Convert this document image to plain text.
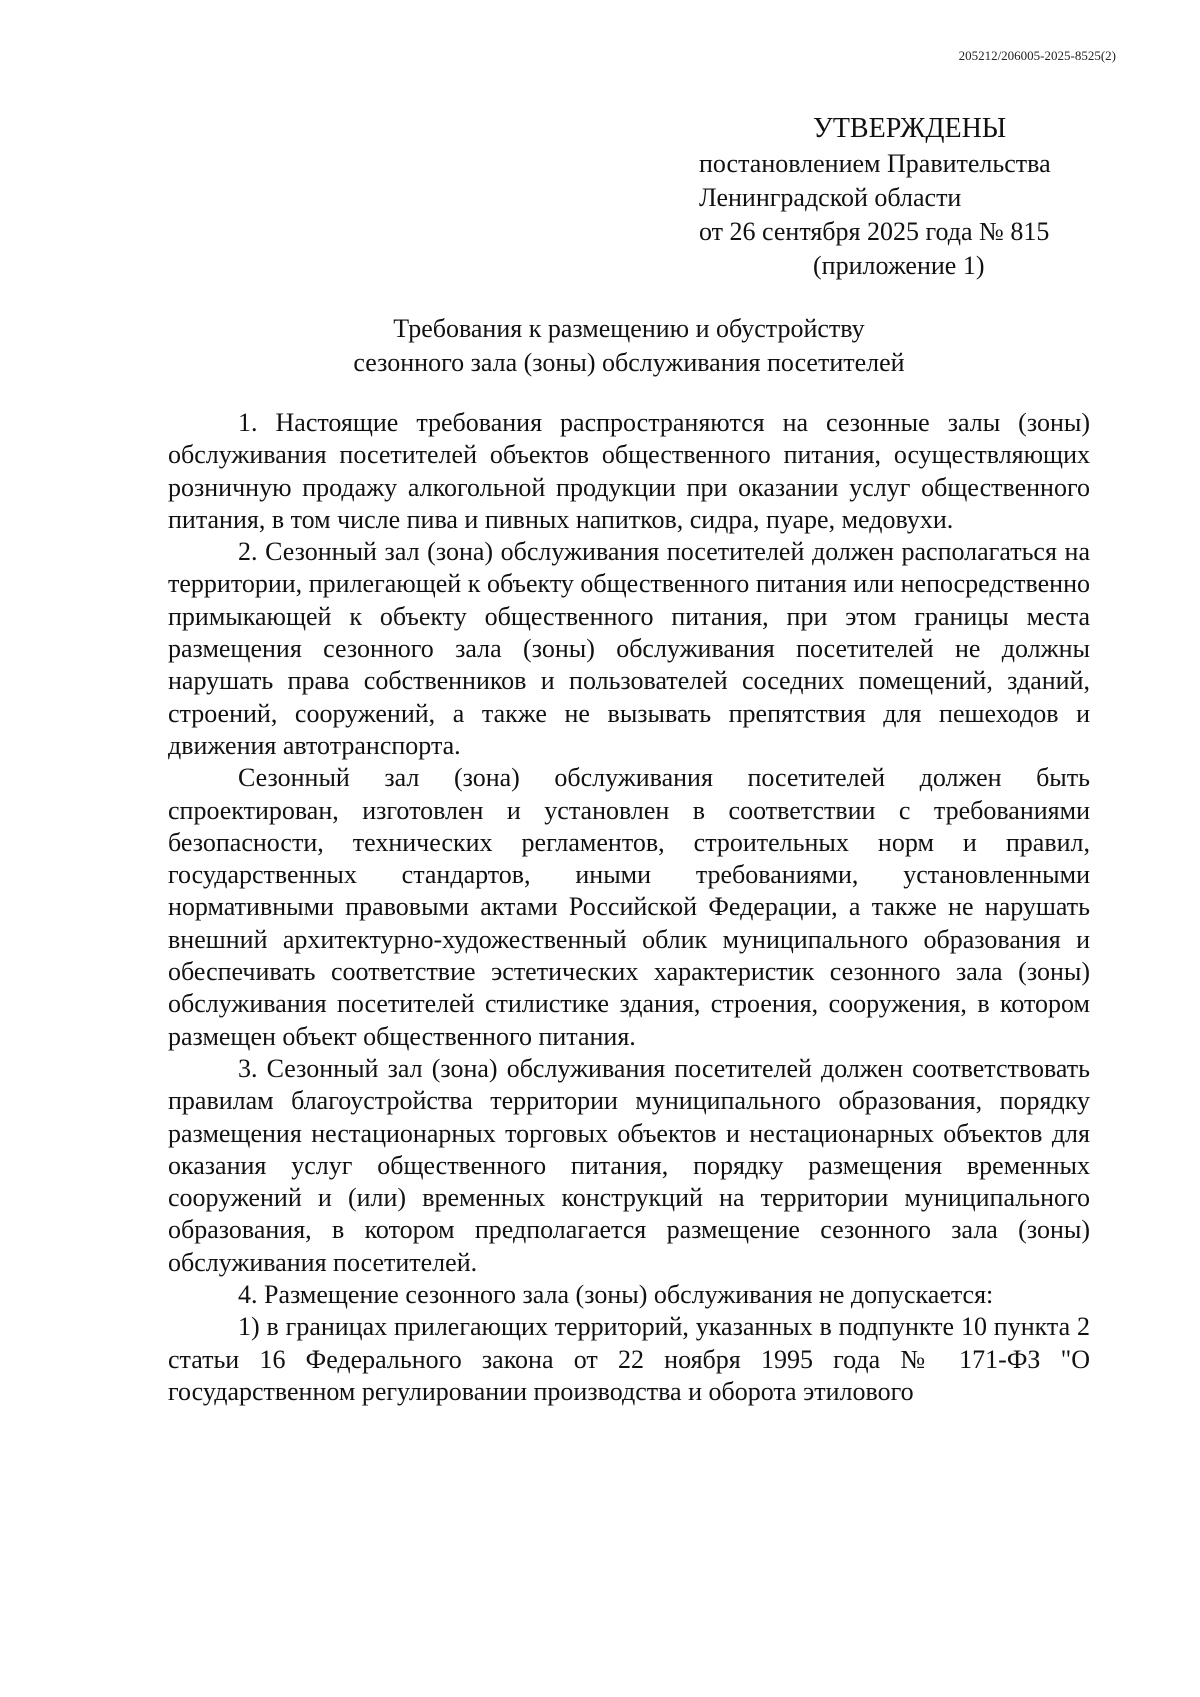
205212/206005-2025-8525(2)
УТВЕРЖДЕНЫ
постановлением Правительства
Ленинградской области
от 26 сентября 2025 года № 815
(приложение 1)
Требования к размещению и обустройству
сезонного зала (зоны) обслуживания посетителей

1. Настоящие требования распространяются на сезонные залы (зоны) обслуживания посетителей объектов общественного питания, осуществляющих розничную продажу алкогольной продукции при оказании услуг общественного питания, в том числе пива и пивных напитков, сидра, пуаре, медовухи.

2. Сезонный зал (зона) обслуживания посетителей должен располагаться на территории, прилегающей к объекту общественного питания или непосредственно примыкающей к объекту общественного питания, при этом границы места размещения сезонного зала (зоны) обслуживания посетителей не должны нарушать права собственников и пользователей соседних помещений, зданий, строений, сооружений, а также не вызывать препятствия для пешеходов и движения автотранспорта.

Сезонный зал (зона) обслуживания посетителей должен быть спроектирован, изготовлен и установлен в соответствии с требованиями безопасности, технических регламентов, строительных норм и правил, государственных стандартов, иными требованиями, установленными нормативными правовыми актами Российской Федерации, а также не нарушать внешний архитектурно-художественный облик муниципального образования и обеспечивать соответствие эстетических характеристик сезонного зала (зоны) обслуживания посетителей стилистике здания, строения, сооружения, в котором размещен объект общественного питания.

3. Сезонный зал (зона) обслуживания посетителей должен соответствовать правилам благоустройства территории муниципального образования, порядку размещения нестационарных торговых объектов и нестационарных объектов для оказания услуг общественного питания, порядку размещения временных сооружений и (или) временных конструкций на территории муниципального образования, в котором предполагается размещение сезонного зала (зоны) обслуживания посетителей.

4. Размещение сезонного зала (зоны) обслуживания не допускается:

1) в границах прилегающих территорий, указанных в подпункте 10 пункта 2 статьи 16 Федерального закона от 22 ноября 1995 года № 171-ФЗ "О государственном регулировании производства и оборота этилового
